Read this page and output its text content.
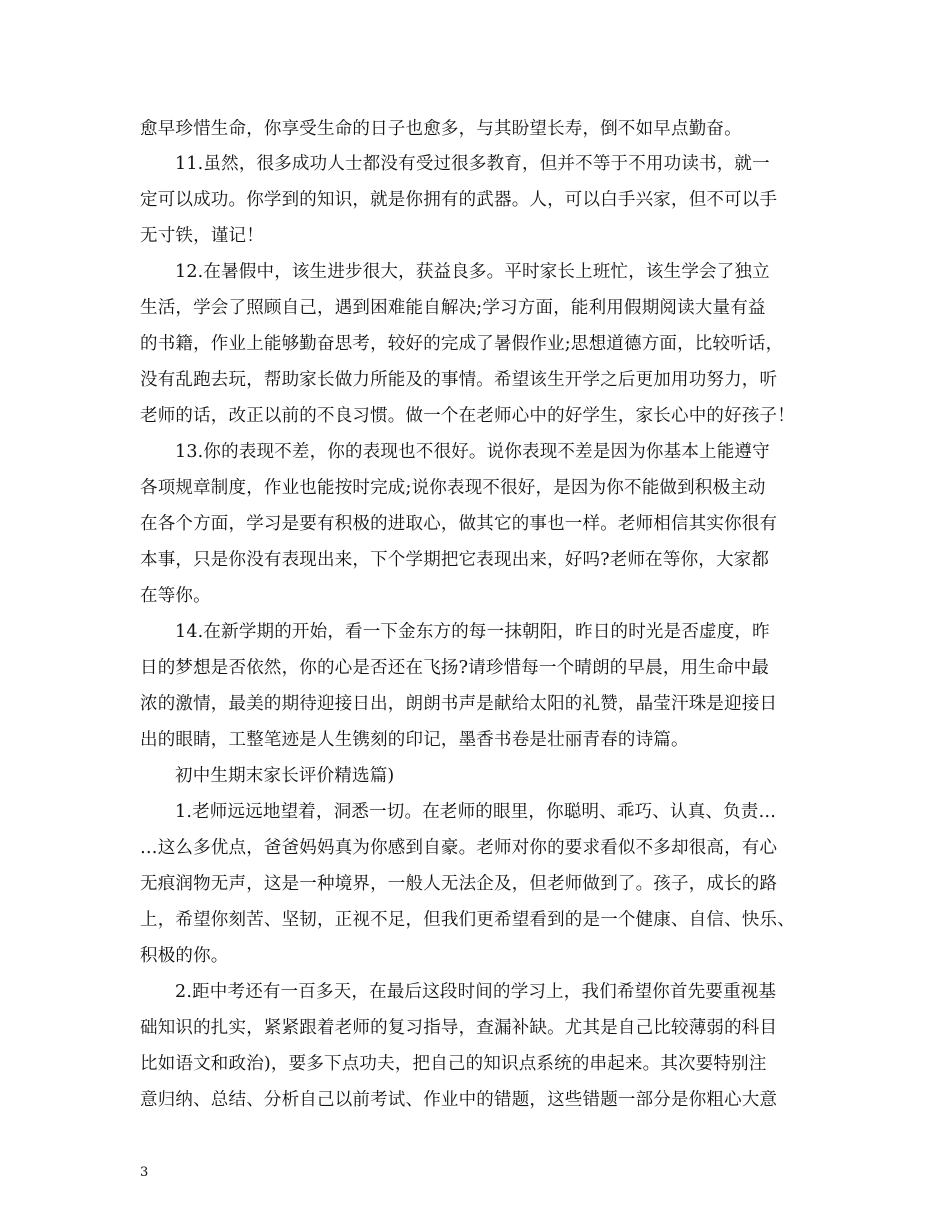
愈早珍惜生命，你享受生命的日子也愈多，与其盼望长寿，倒不如早点勤奋。
11.虽然，很多成功人士都没有受过很多教育，但并不等于不用功读书，就一
定可以成功。你学到的知识，就是你拥有的武器。人，可以白手兴家，但不可以手
无寸铁，谨记！
12.在暑假中，该生进步很大，获益良多。平时家长上班忙，该生学会了独立
生活，学会了照顾自己，遇到困难能自解决;学习方面，能利用假期阅读大量有益
的书籍，作业上能够勤奋思考，较好的完成了暑假作业;思想道德方面，比较听话，
没有乱跑去玩，帮助家长做力所能及的事情。希望该生开学之后更加用功努力，听
老师的话，改正以前的不良习惯。做一个在老师心中的好学生，家长心中的好孩子！
13.你的表现不差，你的表现也不很好。说你表现不差是因为你基本上能遵守
各项规章制度，作业也能按时完成;说你表现不很好，是因为你不能做到积极主动
在各个方面，学习是要有积极的进取心，做其它的事也一样。老师相信其实你很有
本事，只是你没有表现出来，下个学期把它表现出来，好吗?老师在等你，大家都
在等你。
14.在新学期的开始，看一下金东方的每一抹朝阳，昨日的时光是否虚度，昨
日的梦想是否依然，你的心是否还在飞扬?请珍惜每一个晴朗的早晨，用生命中最
浓的激情，最美的期待迎接日出，朗朗书声是献给太阳的礼赞，晶莹汗珠是迎接日
出的眼睛，工整笔迹是人生镌刻的印记，墨香书卷是壮丽青春的诗篇。
初中生期末家长评价精选篇)
1.老师远远地望着，洞悉一切。在老师的眼里，你聪明、乖巧、认真、负责…
…这么多优点，爸爸妈妈真为你感到自豪。老师对你的要求看似不多却很高，有心
无痕润物无声，这是一种境界，一般人无法企及，但老师做到了。孩子，成长的路
上，希望你刻苦、坚韧，正视不足，但我们更希望看到的是一个健康、自信、快乐、
积极的你。
2.距中考还有一百多天，在最后这段时间的学习上，我们希望你首先要重视基
础知识的扎实，紧紧跟着老师的复习指导，查漏补缺。尤其是自己比较薄弱的科目
比如语文和政治)，要多下点功夫，把自己的知识点系统的串起来。其次要特别注
意归纳、总结、分析自己以前考试、作业中的错题，这些错题一部分是你粗心大意
3
